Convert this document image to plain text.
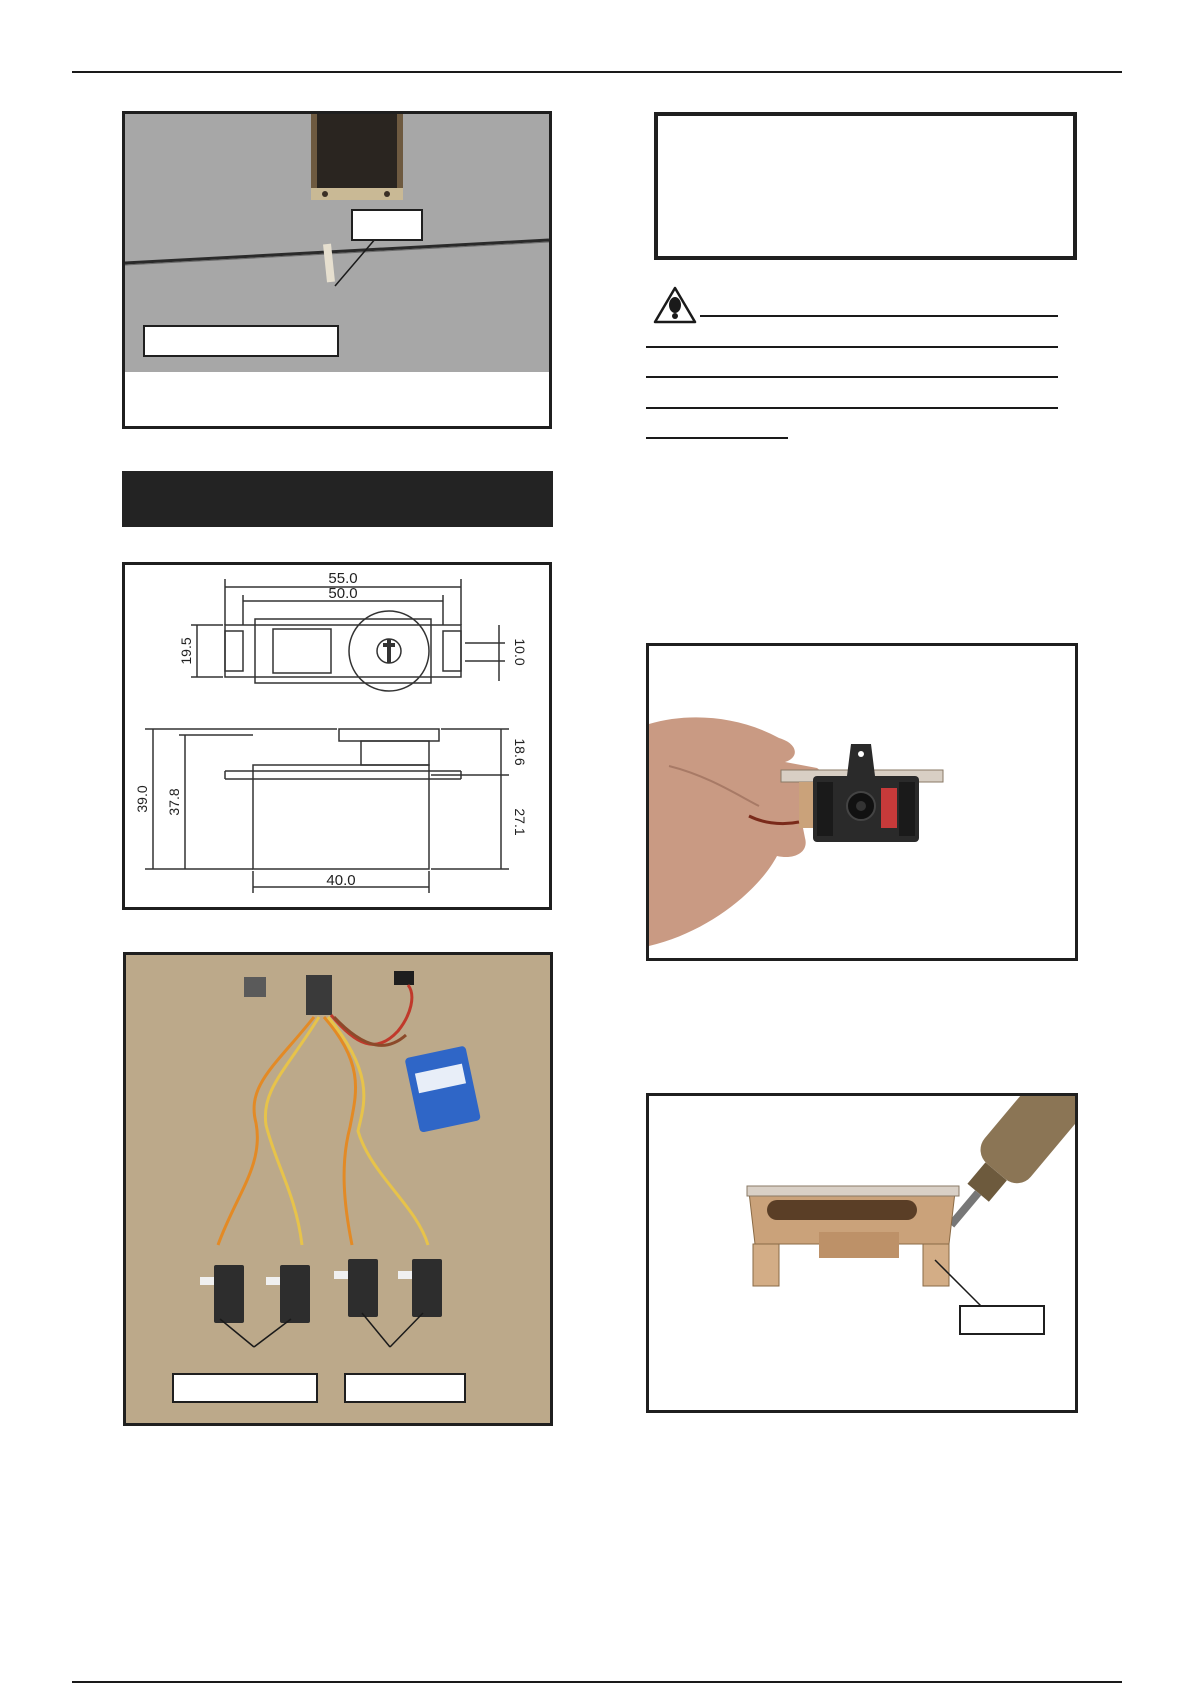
55.0
50.0
19.5	10.0
39.0 37.8
18.6
27.1
40.0
